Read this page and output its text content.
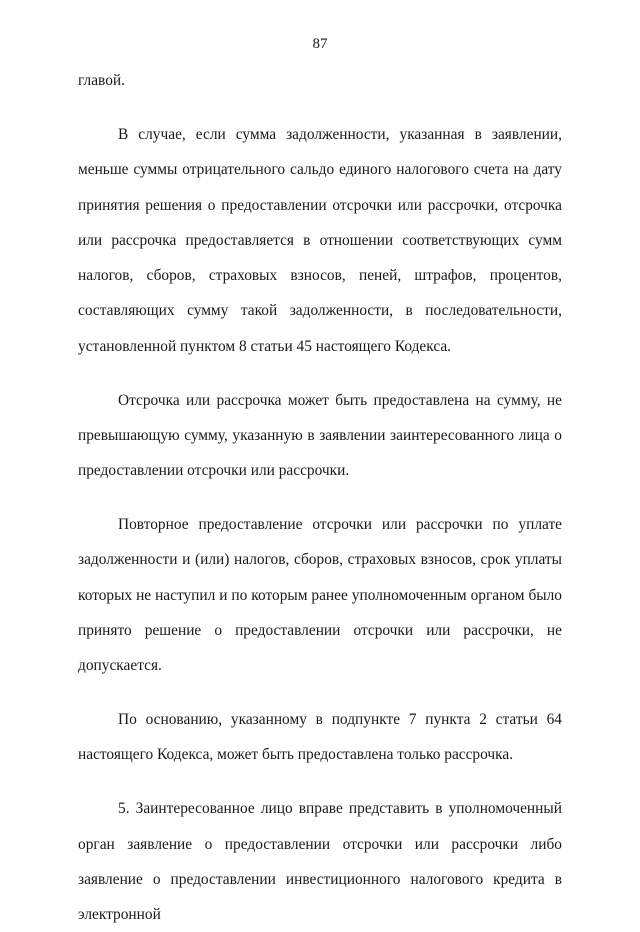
87

главой.

В случае, если сумма задолженности, указанная в заявлении, меньше суммы отрицательного сальдо единого налогового счета на дату принятия решения о предоставлении отсрочки или рассрочки, отсрочка или рассрочка предоставляется в отношении соответствующих сумм налогов, сборов, страховых взносов, пеней, штрафов, процентов, составляющих сумму такой задолженности, в последовательности, установленной пунктом 8 статьи 45 настоящего Кодекса.

Отсрочка или рассрочка может быть предоставлена на сумму, не превышающую сумму, указанную в заявлении заинтересованного лица о предоставлении отсрочки или рассрочки.

Повторное предоставление отсрочки или рассрочки по уплате задолженности и (или) налогов, сборов, страховых взносов, срок уплаты которых не наступил и по которым ранее уполномоченным органом было принято решение о предоставлении отсрочки или рассрочки, не допускается.

По основанию, указанному в подпункте 7 пункта 2 статьи 64 настоящего Кодекса, может быть предоставлена только рассрочка.

5. Заинтересованное лицо вправе представить в уполномоченный орган заявление о предоставлении отсрочки или рассрочки либо заявление о предоставлении инвестиционного налогового кредита в электронной
